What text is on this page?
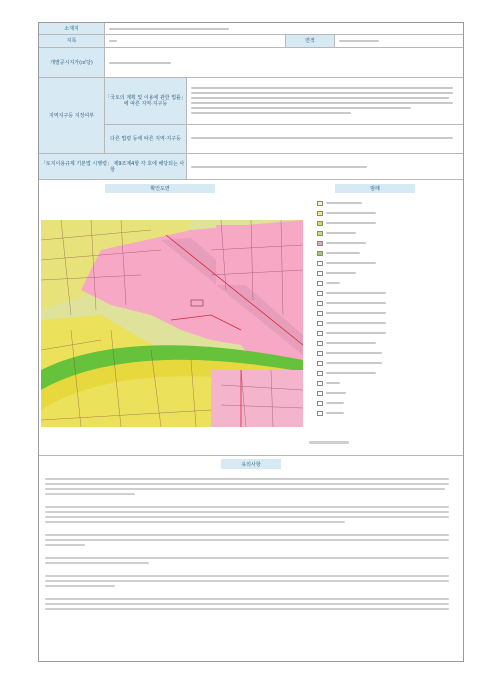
소재지
지목	면적
개별공시지가(㎡당)
지역지구등 지정여부
「국토의 계획 및 이용에 관한 법률」에 따른 지역·지구등
다른 법령 등에 따른 지역·지구등
「토지이용규제 기본법 시행령」 제9조제4항 각 호에 해당되는 사항
확인도면	범례
유의사항
